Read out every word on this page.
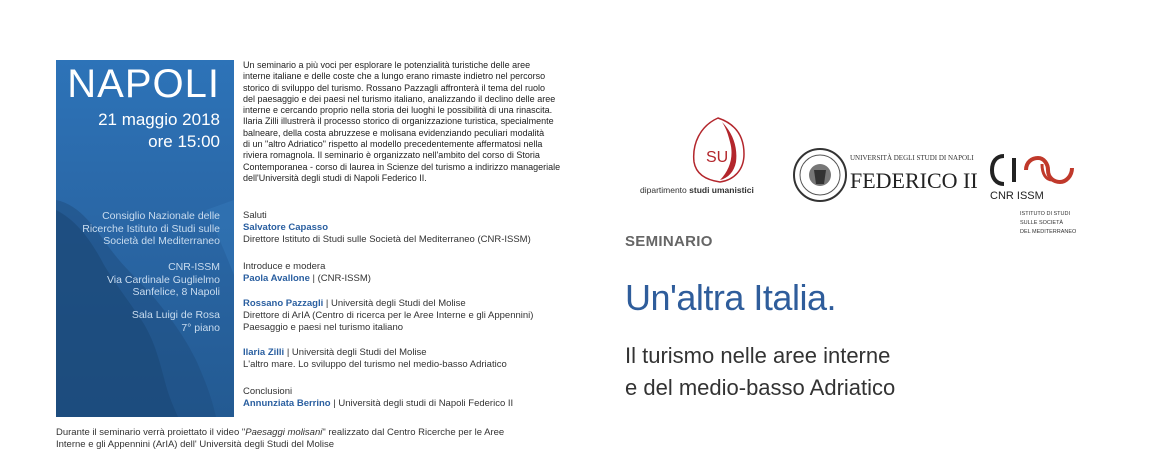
NAPOLI
21 maggio 2018
ore 15:00
Consiglio Nazionale delle
Ricerche Istituto di Studi sulle
Società del Mediterraneo
CNR-ISSM
Via Cardinale Guglielmo
Sanfelice, 8 Napoli
Sala Luigi de Rosa
7° piano
Un seminario a più voci per esplorare le potenzialità turistiche delle aree
interne italiane e delle coste che a lungo erano rimaste indietro nel percorso
storico di sviluppo del turismo. Rossano Pazzagli affronterà il tema del ruolo
del paesaggio e dei paesi nel turismo italiano, analizzando il declino delle aree
interne e cercando proprio nella storia dei luoghi le possibilità di una rinascita.
Ilaria Zilli illustrerà il processo storico di organizzazione turistica, specialmente
balneare, della costa abruzzese e molisana evidenziando peculiari modalità
di un "altro Adriatico" rispetto al modello precedentemente affermatosi nella
riviera romagnola. Il seminario è organizzato nell'ambito del corso di Storia
Contemporanea - corso di laurea in Scienze del turismo a indirizzo manageriale
dell'Università degli studi di Napoli Federico II.
Saluti
Salvatore Capasso
Direttore Istituto di Studi sulle Società del Mediterraneo (CNR-ISSM)
Introduce e modera
Paola Avallone | (CNR-ISSM)
Rossano Pazzagli | Università degli Studi del Molise
Direttore di ArIA (Centro di ricerca per le Aree Interne e gli Appennini)
Paesaggio e paesi nel turismo italiano
Ilaria Zilli | Università degli Studi del Molise
L'altro mare. Lo sviluppo del turismo nel medio-basso Adriatico
Conclusioni
Annunziata Berrino | Università degli studi di Napoli Federico II
Durante il seminario verrà proiettato il video "Paesaggi molisani" realizzato dal Centro Ricerche per le Aree
Interne e gli Appennini (ArIA) dell' Università degli Studi del Molise
SU
dipartimento studi umanistici
UNIVERSITÀ DEGLI STUDI DI NAPOLI
FEDERICO II
CNR ISSM
ISTITUTO DI STUDI
SULLE SOCIETÀ
DEL MEDITERRANEO
SEMINARIO
Un'altra Italia.
Il turismo nelle aree interne
e del medio-basso Adriatico
